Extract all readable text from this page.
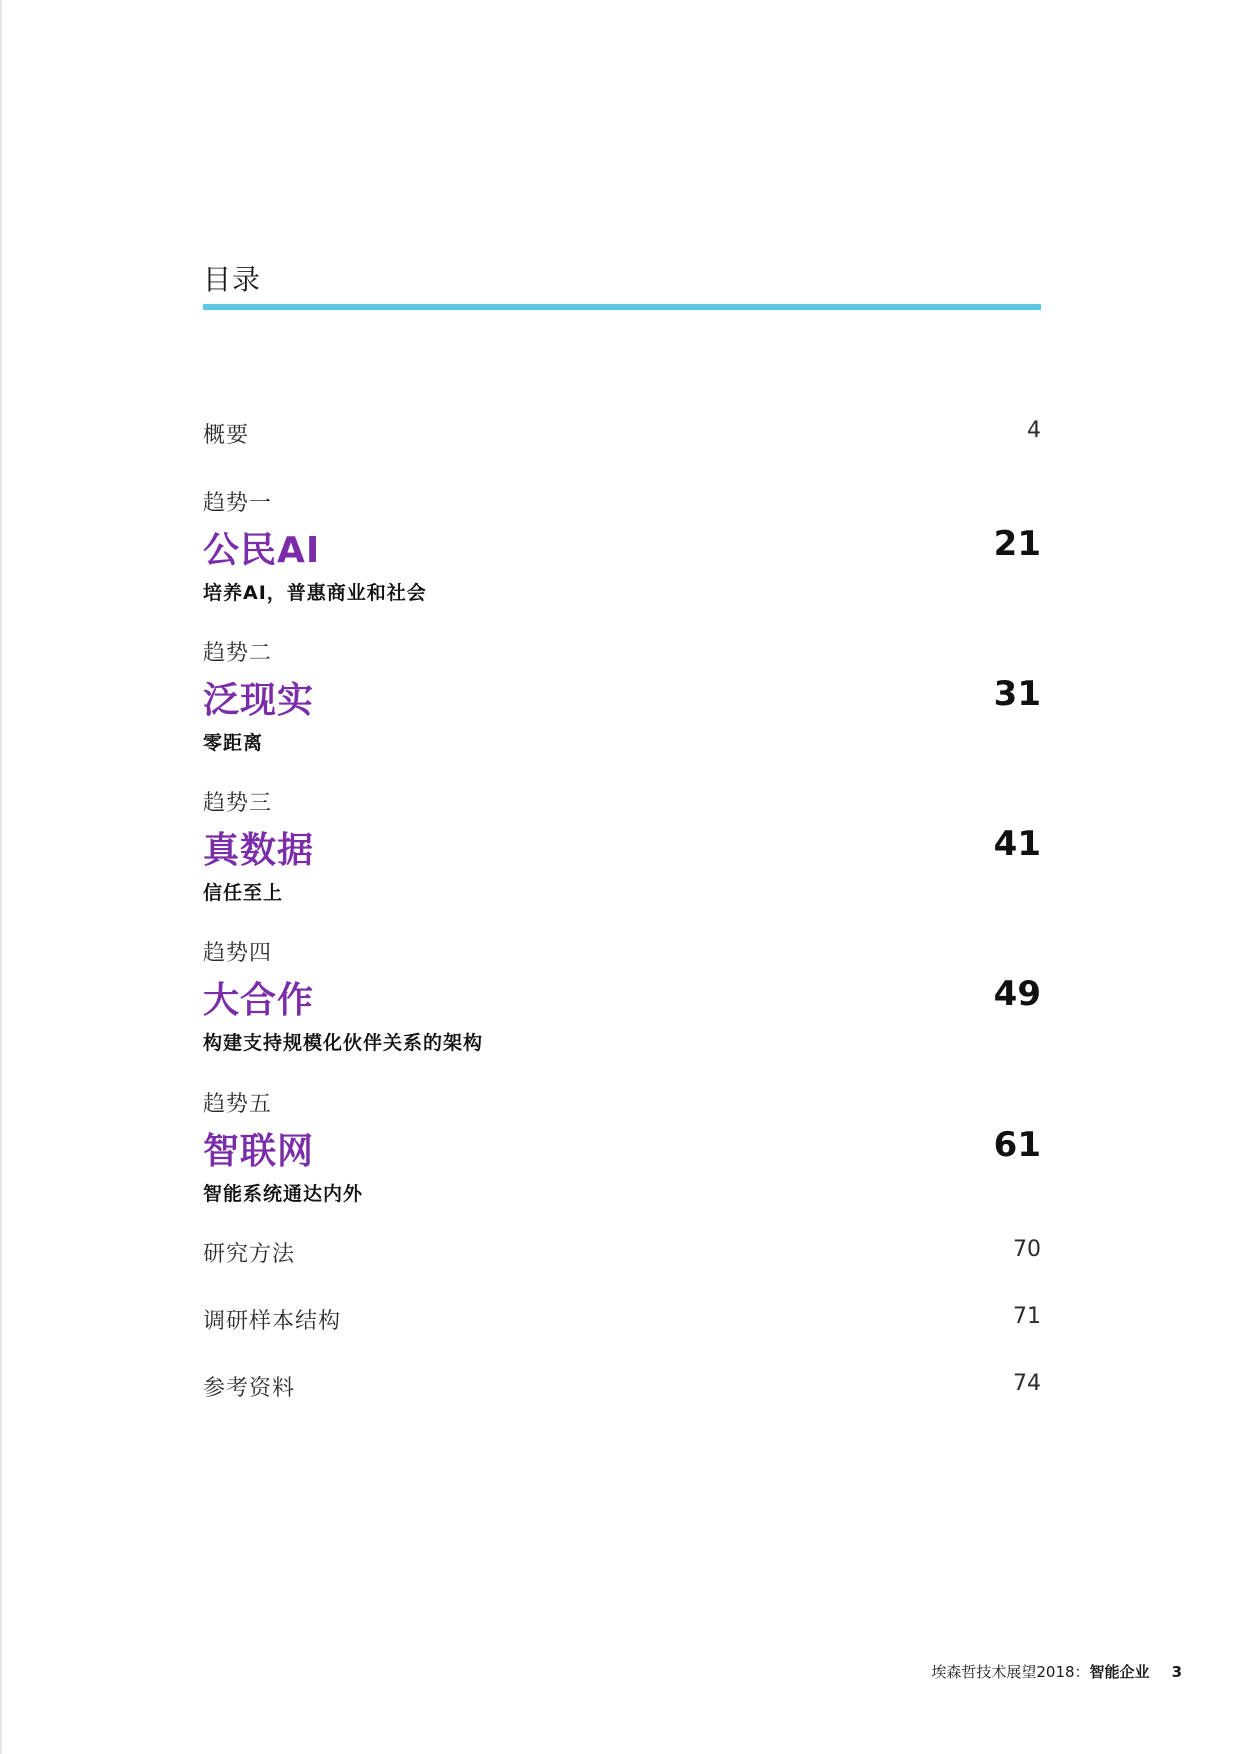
目录
概要	4
趋势一
公民AI	21
培养AI，普惠商业和社会
趋势二
泛现实	31
零距离
趋势三
真数据	41
信任至上
趋势四
大合作	49
构建支持规模化伙伴关系的架构
趋势五
智联网	61
智能系统通达内外
研究方法	70
调研样本结构	71
参考资料	74
埃森哲技术展望2018：智能企业 3
